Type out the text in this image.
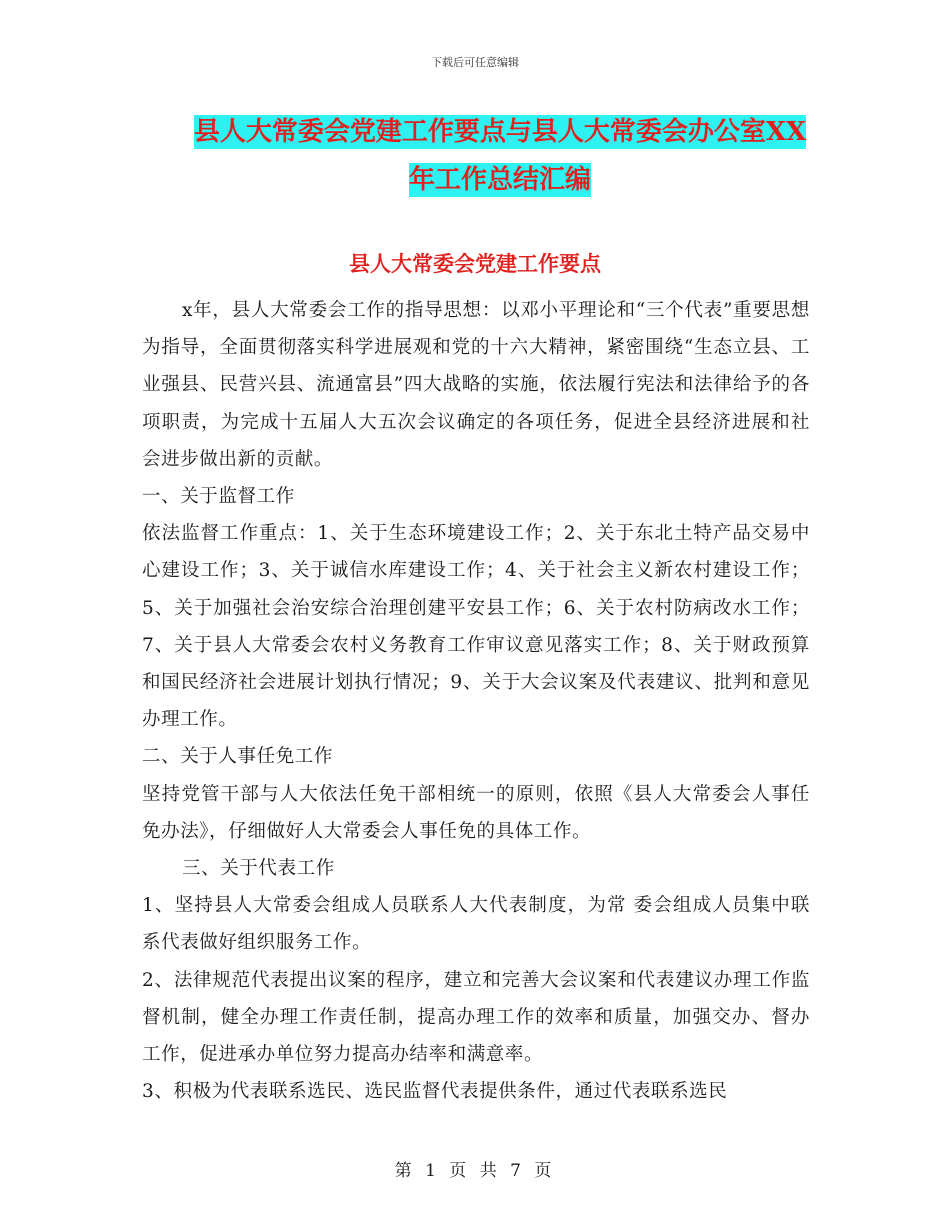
下载后可任意编辑
县人大常委会党建工作要点与县人大常委会办公室XX
年工作总结汇编
县人大常委会党建工作要点

x年，县人大常委会工作的指导思想：以邓小平理论和“三个代表”重要思想为指导，全面贯彻落实科学进展观和党的十六大精神，紧密围绕“生态立县、工业强县、民营兴县、流通富县”四大战略的实施，依法履行宪法和法律给予的各项职责，为完成十五届人大五次会议确定的各项任务，促进全县经济进展和社会进步做出新的贡献。

一、关于监督工作

依法监督工作重点：1、关于生态环境建设工作；2、关于东北土特产品交易中心建设工作；3、关于诚信水库建设工作；4、关于社会主义新农村建设工作；5、关于加强社会治安综合治理创建平安县工作；6、关于农村防病改水工作；7、关于县人大常委会农村义务教育工作审议意见落实工作；8、关于财政预算和国民经济社会进展计划执行情况；9、关于大会议案及代表建议、批判和意见办理工作。

二、关于人事任免工作

坚持党管干部与人大依法任免干部相统一的原则，依照《县人大常委会人事任免办法》，仔细做好人大常委会人事任免的具体工作。

三、关于代表工作

1、坚持县人大常委会组成人员联系人大代表制度，为常 委会组成人员集中联系代表做好组织服务工作。

2、法律规范代表提出议案的程序，建立和完善大会议案和代表建议办理工作监督机制，健全办理工作责任制，提高办理工作的效率和质量，加强交办、督办工作，促进承办单位努力提高办结率和满意率。

3、积极为代表联系选民、选民监督代表提供条件，通过代表联系选民

第 1 页 共 7 页
